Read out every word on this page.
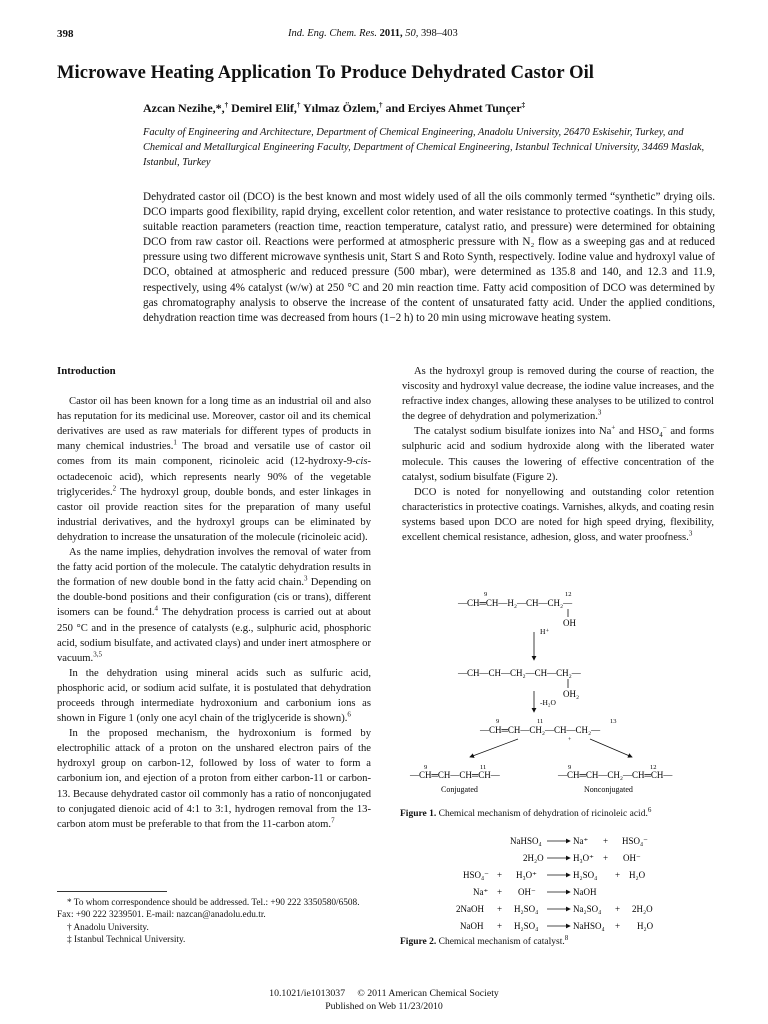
398	Ind. Eng. Chem. Res. 2011, 50, 398–403
Microwave Heating Application To Produce Dehydrated Castor Oil
Azcan Nezihe,*,† Demirel Elif,† Yılmaz Özlem,† and Erciyes Ahmet Tunçer‡
Faculty of Engineering and Architecture, Department of Chemical Engineering, Anadolu University, 26470 Eskisehir, Turkey, and Chemical and Metallurgical Engineering Faculty, Department of Chemical Engineering, Istanbul Technical University, 34469 Maslak, Istanbul, Turkey
Dehydrated castor oil (DCO) is the best known and most widely used of all the oils commonly termed “synthetic” drying oils. DCO imparts good flexibility, rapid drying, excellent color retention, and water resistance to protective coatings. In this study, suitable reaction parameters (reaction time, reaction temperature, catalyst ratio, and pressure) were determined for obtaining DCO from raw castor oil. Reactions were performed at atmospheric pressure with N₂ flow as a sweeping gas and at reduced pressure using two different microwave synthesis unit, Start S and Roto Synth, respectively. Iodine value and hydroxyl value of DCO, obtained at atmospheric and reduced pressure (500 mbar), were determined as 135.8 and 140, and 12.3 and 11.9, respectively, using 4% catalyst (w/w) at 250 °C and 20 min reaction time. Fatty acid composition of DCO was determined by gas chromatography analysis to observe the increase of the content of unsaturated fatty acid. Under the applied conditions, dehydration reaction time was decreased from hours (1−2 h) to 20 min using microwave heating system.
Introduction

Castor oil has been known for a long time as an industrial oil and also has reputation for its medicinal use. Moreover, castor oil and its chemical derivatives are used as raw materials for different types of products in many chemical industries.$^1$ The broad and versatile use of castor oil comes from its main component, ricinoleic acid (12-hydroxy-9-cis-octadecenoic acid), which represents nearly 90% of the vegetable triglycerides.$^2$ The hydroxyl group, double bonds, and ester linkages in castor oil provide reaction sites for the preparation of many useful industrial derivatives, and the hydroxyl groups can be eliminated by dehydration to increase the unsaturation of the molecule (ricinoleic acid).

As the name implies, dehydration involves the removal of water from the fatty acid portion of the molecule. The catalytic dehydration results in the formation of new double bond in the fatty acid chain.$^3$ Depending on the double-bond positions and their configuration (cis or trans), different isomers can be found.$^4$ The dehydration process is carried out at about 250 °C and in the presence of catalysts (e.g., sulphuric acid, phosphoric acid, sodium bisulfate, and activated clays) and under inert atmosphere or vacuum.$^{3,5}$

In the dehydration using mineral acids such as sulfuric acid, phosphoric acid, or sodium acid sulfate, it is postulated that dehydration proceeds through intermediate hydroxonium and carbonium ions as shown in Figure 1 (only one acyl chain of the triglyceride is shown).$^6$

In the proposed mechanism, the hydroxonium is formed by electrophilic attack of a proton on the unshared electron pairs of the hydroxyl group on carbon-12, followed by loss of water to form a carbonium ion, and ejection of a proton from either carbon-11 or carbon-13. Because dehydrated castor oil commonly has a ratio of nonconjugated to conjugated dienoic acid of 4:1 to 3:1, hydrogen removal from the 13-carbon atom must be preferable to that from the 11-carbon atom.$^7$

* To whom correspondence should be addressed. Tel.: +90 222 3350580/6508. Fax: +90 222 3239501. E-mail: nazcan@anadolu.edu.tr.
† Anadolu University.
‡ Istanbul Technical University.

As the hydroxyl group is removed during the course of reaction, the viscosity and hydroxyl value decrease, the iodine value increases, and the refractive index changes, allowing these analyses to be utilized to control the degree of dehydration and polymerization.$^3$

The catalyst sodium bisulfate ionizes into Na+ and $HSO_4^-$ and forms sulphuric acid and sodium hydroxide along with the liberated water molecule. This causes the lowering of effective concentration of the catalyst, sodium bisulfate (Figure 2).

DCO is noted for nonyellowing and outstanding color retention characteristics in protective coatings. Varnishes, alkyds, and coating resin systems based upon DCO are noted for high speed drying, flexibility, excellent chemical resistance, adhesion, gloss, and water proofness.$^3$

9	12
—CH═CH—H₂—CH—CH₂—
OH
H⁺
—CH—CH—CH₂—CH—CH₂—
OH₂
-H₂O
9	11	13
—CH═CH—CH₂—CH—CH₂—
+
9	11
—CH═CH—CH═CH—
9	12
—CH═CH—CH₂—CH═CH—
Conjugated	Nonconjugated
Figure 1. Chemical mechanism of dehydration of ricinoleic acid.$^6$
NaHSO₄	Na⁺ + HSO₄⁻
2H₂O	H₃O⁺ + OH⁻
HSO₄⁻ + H₃O⁺	H₂SO₄ + H₂O
Na⁺ + OH⁻	NaOH
2NaOH + H₂SO₄	Na₂SO₄ + 2H₂O
NaOH + H₂SO₄	NaHSO₄ + H₂O
Figure 2. Chemical mechanism of catalyst.$^8$
10.1021/ie1013037     © 2011 American Chemical Society
Published on Web 11/23/2010
